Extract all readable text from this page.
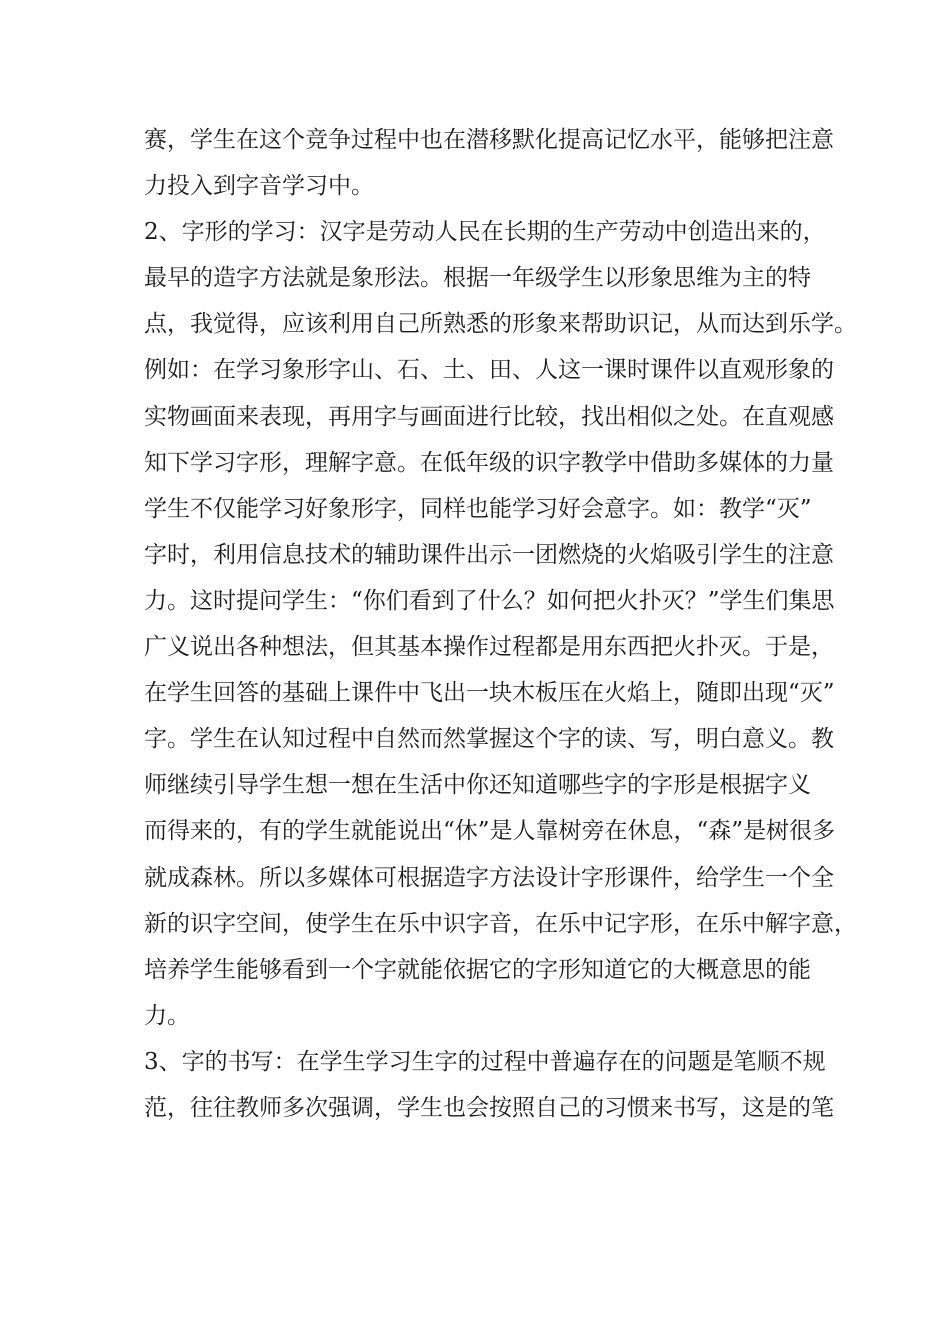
赛，学生在这个竞争过程中也在潜移默化提高记忆水平，能够把注意
力投入到字音学习中。
2、字形的学习：汉字是劳动人民在长期的生产劳动中创造出来的，
最早的造字方法就是象形法。根据一年级学生以形象思维为主的特
点，我觉得，应该利用自己所熟悉的形象来帮助识记，从而达到乐学。
例如：在学习象形字山、石、土、田、人这一课时课件以直观形象的
实物画面来表现，再用字与画面进行比较，找出相似之处。在直观感
知下学习字形，理解字意。在低年级的识字教学中借助多媒体的力量
学生不仅能学习好象形字，同样也能学习好会意字。如：教学“灭”
字时，利用信息技术的辅助课件出示一团燃烧的火焰吸引学生的注意
力。这时提问学生：“你们看到了什么？如何把火扑灭？”学生们集思
广义说出各种想法，但其基本操作过程都是用东西把火扑灭。于是，
在学生回答的基础上课件中飞出一块木板压在火焰上，随即出现“灭”
字。学生在认知过程中自然而然掌握这个字的读、写，明白意义。教
师继续引导学生想一想在生活中你还知道哪些字的字形是根据字义
而得来的，有的学生就能说出“休”是人靠树旁在休息，“森”是树很多
就成森林。所以多媒体可根据造字方法设计字形课件，给学生一个全
新的识字空间，使学生在乐中识字音，在乐中记字形，在乐中解字意，
培养学生能够看到一个字就能依据它的字形知道它的大概意思的能
力。
3、字的书写：在学生学习生字的过程中普遍存在的问题是笔顺不规
范，往往教师多次强调，学生也会按照自己的习惯来书写，这是的笔
